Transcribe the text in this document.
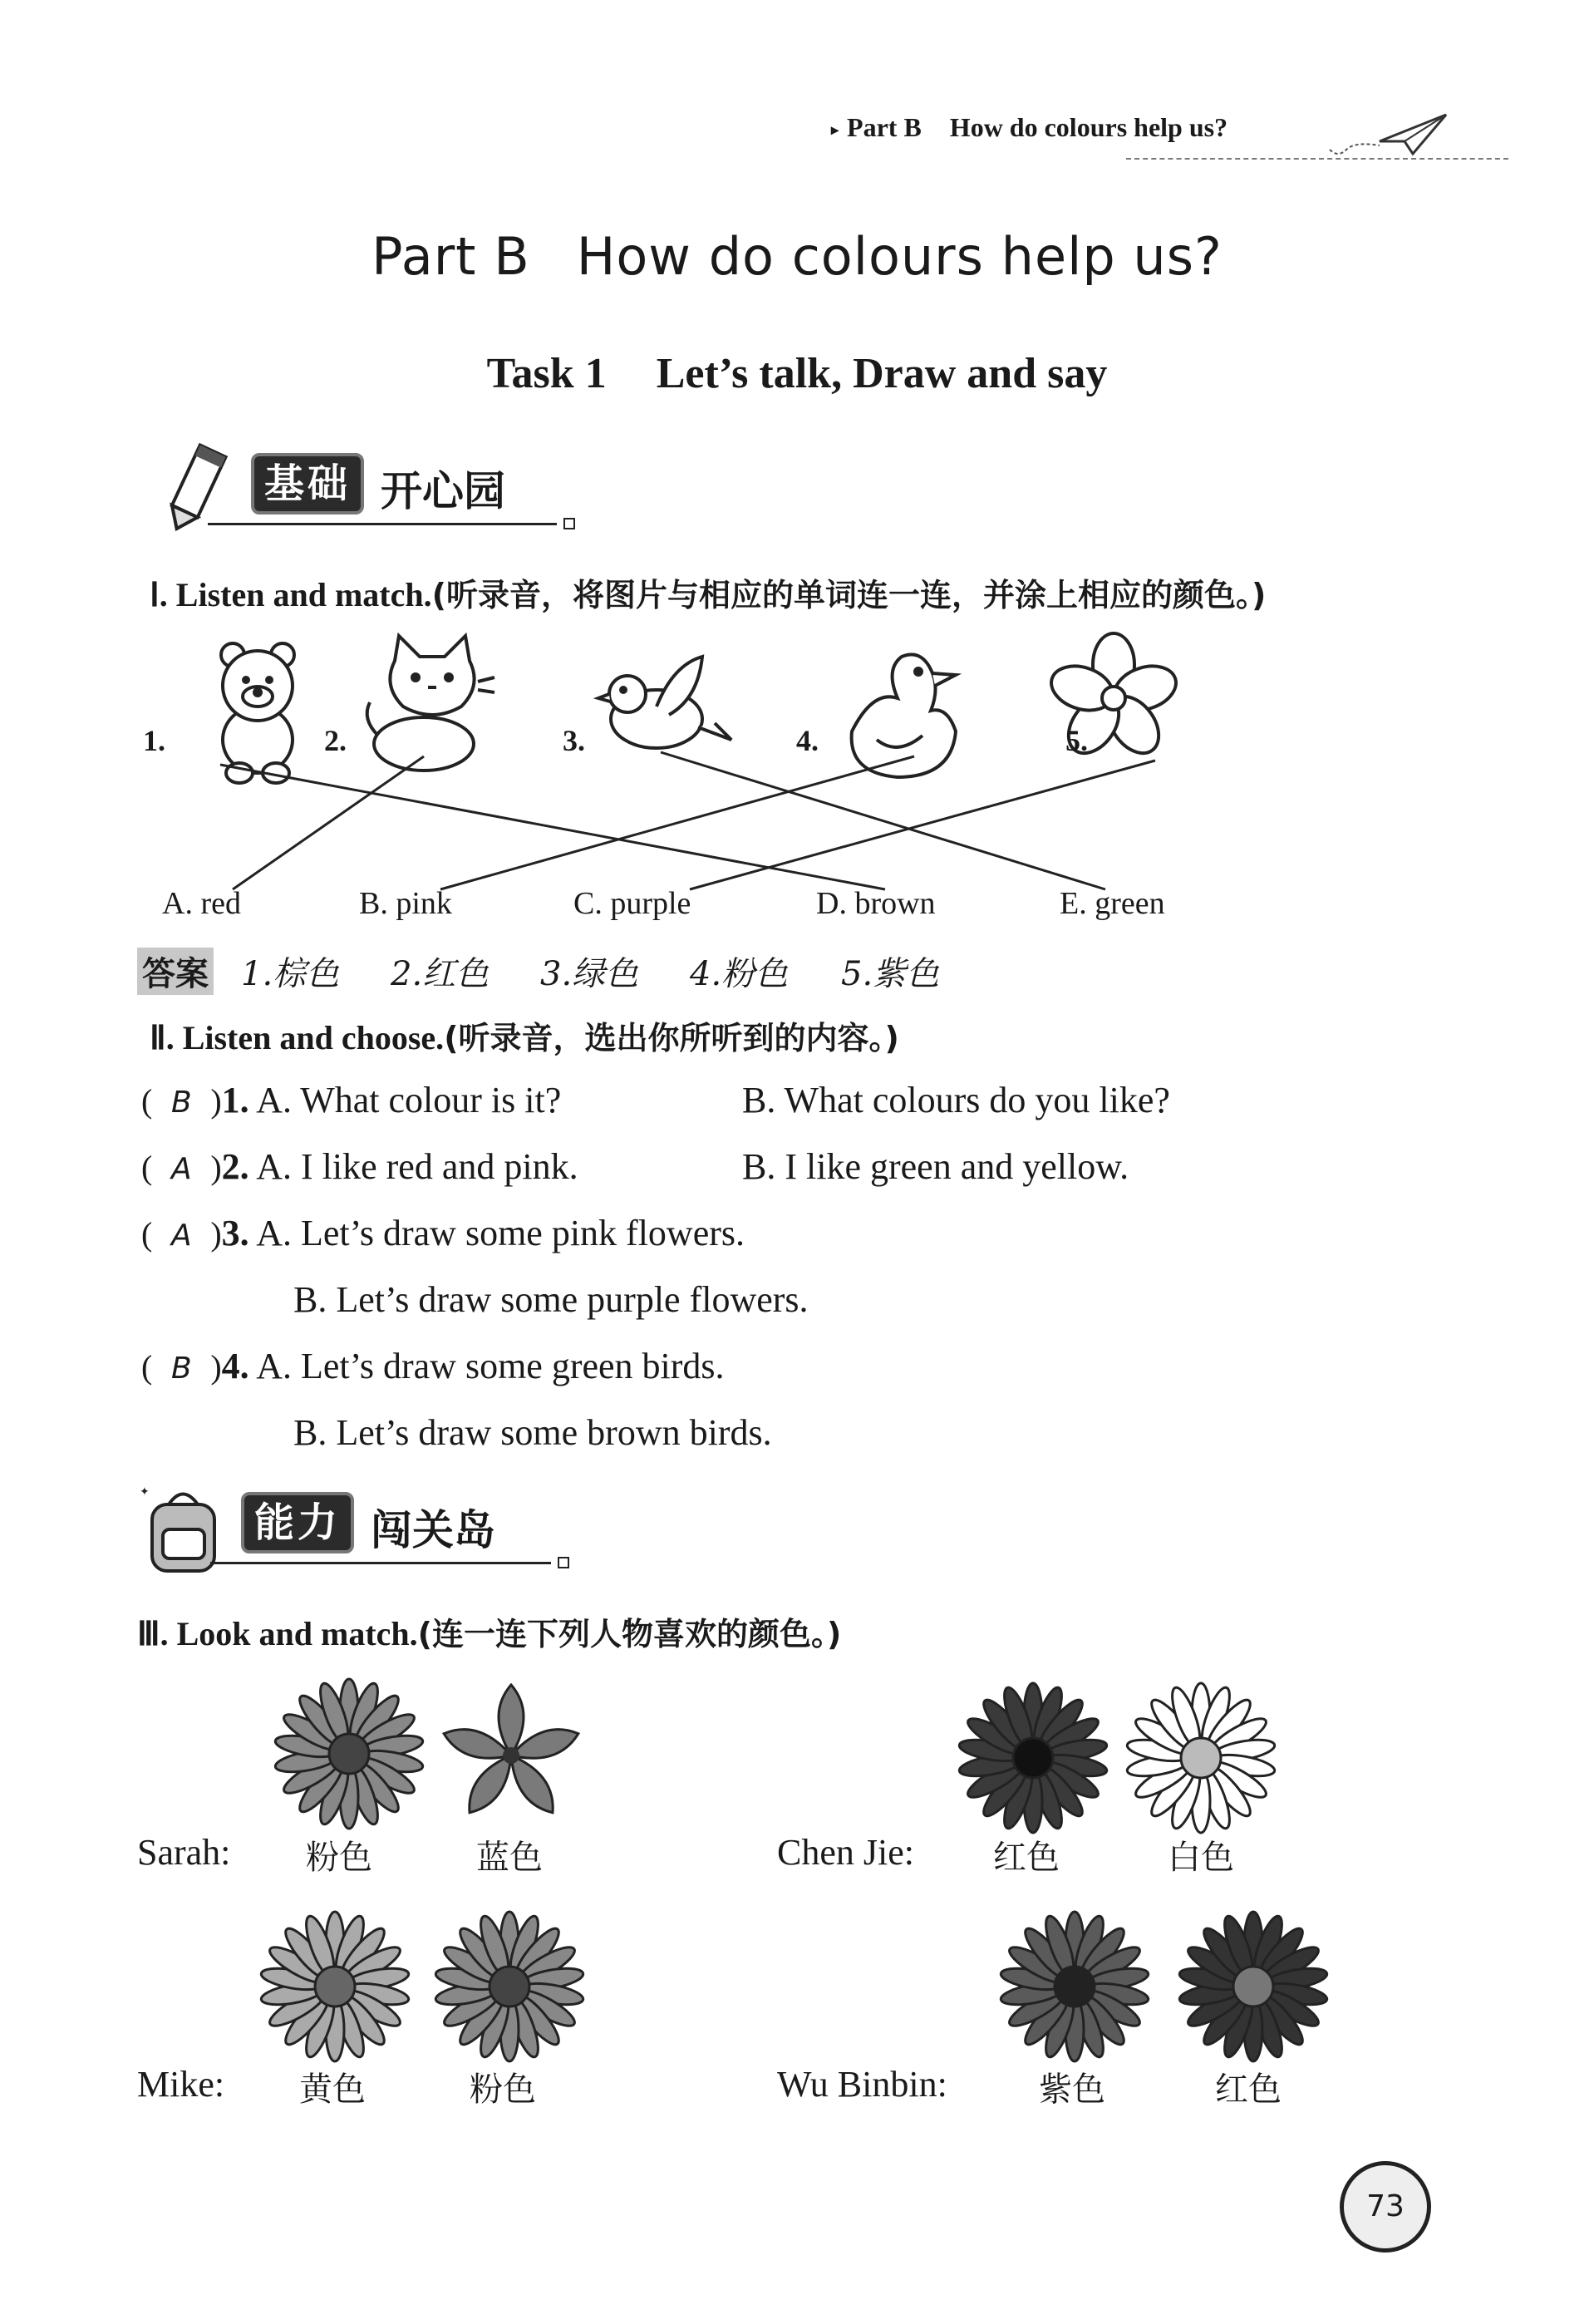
▸ Part B How do colours help us?
Part B How do colours help us?
Task 1 Let’s talk, Draw and say
基础 开心园
Ⅰ. Listen and match.(听录音，将图片与相应的单词连一连，并涂上相应的颜色。)
1.	2.	3.	4.	5.
A. red	B. pink	C. purple	D. brown	E. green
答案 1.棕色 2.红色 3.绿色 4.粉色 5.紫色
Ⅱ. Listen and choose.(听录音，选出你所听到的内容。)
( B )1. A. What colour is it?	B. What colours do you like?
( A )2. A. I like red and pink.	B. I like green and yellow.
( A )3. A. Let’s draw some pink flowers.
B. Let’s draw some purple flowers.
( B )4. A. Let’s draw some green birds.
B. Let’s draw some brown birds.
✦
能力 闯关岛
Ⅲ. Look and match.(连一连下列人物喜欢的颜色。)
Sarah: 粉色	蓝色	Chen Jie: 红色	白色
Mike: 黄色	粉色	Wu Binbin:	紫色	红色
73
